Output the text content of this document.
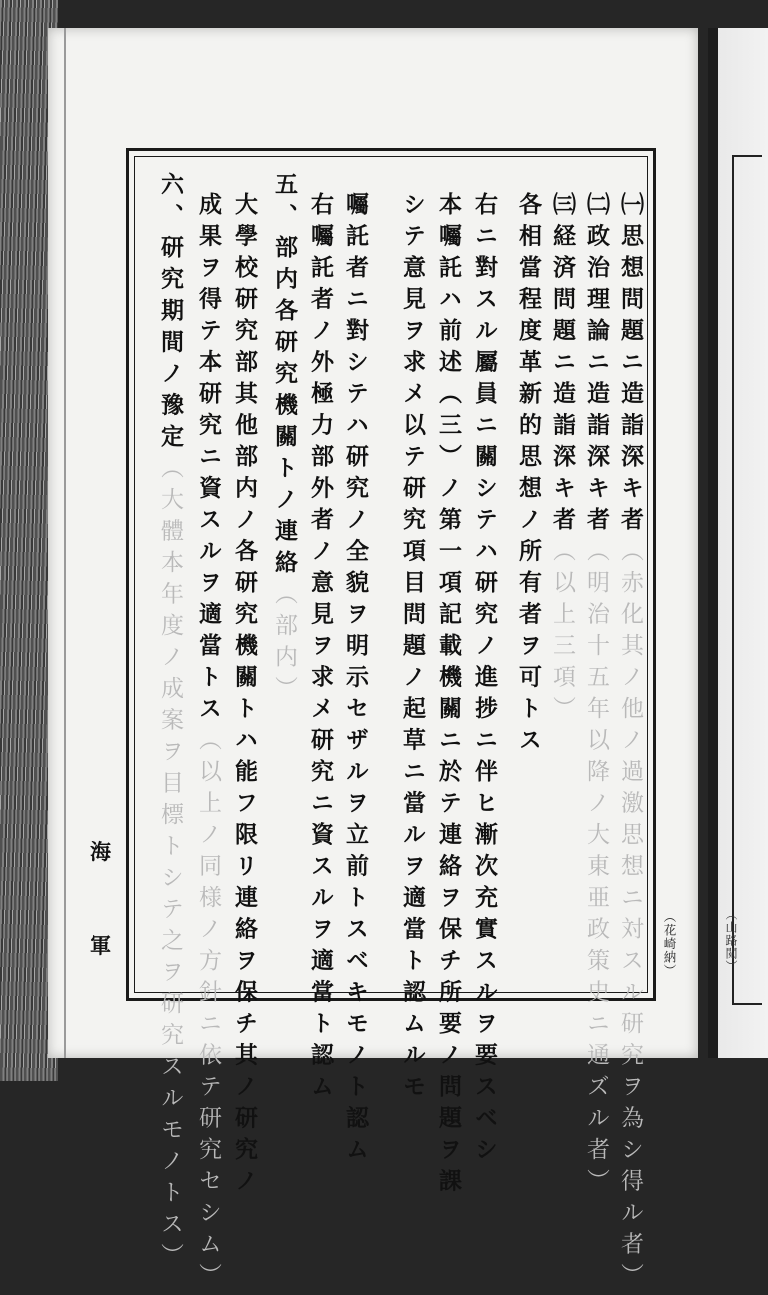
（山路閲）
㈠思想問題ニ造詣深キ者（赤化其ノ他ノ過激思想ニ対スル研究ヲ為シ得ル者）
㈡政治理論ニ造詣深キ者（明治十五年以降ノ大東亜政策史ニ通ズル者）
㈢経済問題ニ造詣深キ者（以上三項）
各相當程度革新的思想ノ所有者ヲ可トス
右ニ對スル屬員ニ關シテハ研究ノ進捗ニ伴ヒ漸次充實スルヲ要スベシ
本囑託ハ前述（三）ノ第一項記載機關ニ於テ連絡ヲ保チ所要ノ問題ヲ課
シテ意見ヲ求メ以テ研究項目問題ノ起草ニ當ルヲ適當ト認ムルモ
囑託者ニ對シテハ研究ノ全貌ヲ明示セザルヲ立前トスベキモノト認ム
右囑託者ノ外極力部外者ノ意見ヲ求メ研究ニ資スルヲ適當ト認ム
五、部内各研究機關トノ連絡（部内）
大學校研究部其他部内ノ各研究機關トハ能フ限リ連絡ヲ保チ其ノ研究ノ
成果ヲ得テ本研究ニ資スルヲ適當トス（以上ノ同様ノ方針ニ依テ研究セシム）
六、研究期間ノ豫定（大體本年度ノ成案ヲ目標トシテ之ヲ研究スルモノトス）	（花崎納）
海
軍
